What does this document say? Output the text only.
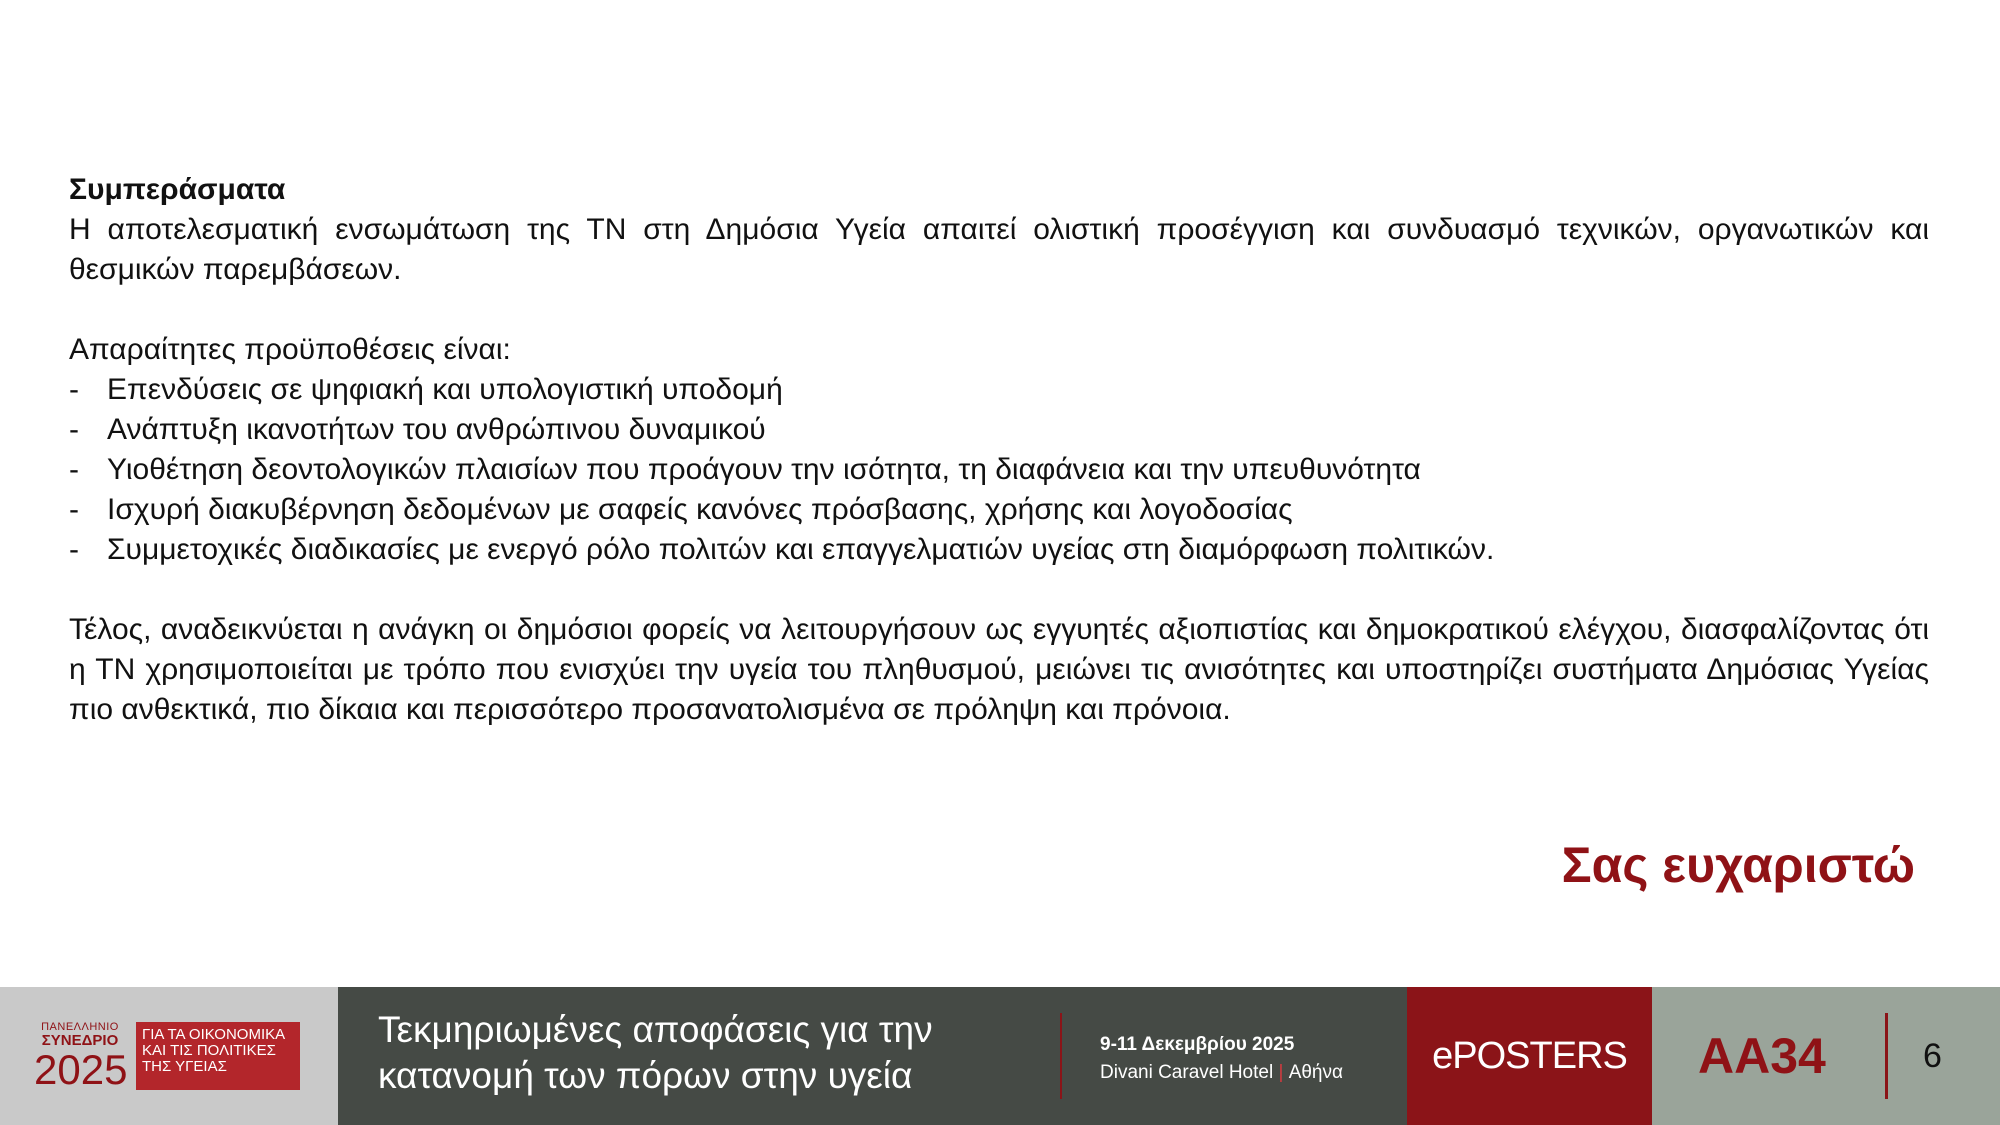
Συμπεράσματα
Η αποτελεσματική ενσωμάτωση της ΤΝ στη Δημόσια Υγεία απαιτεί ολιστική προσέγγιση και συνδυασμό τεχνικών, οργανωτικών και θεσμικών παρεμβάσεων.
Απαραίτητες προϋποθέσεις είναι:
- Επενδύσεις σε ψηφιακή και υπολογιστική υποδομή
- Ανάπτυξη ικανοτήτων του ανθρώπινου δυναμικού
- Υιοθέτηση δεοντολογικών πλαισίων που προάγουν την ισότητα, τη διαφάνεια και την υπευθυνότητα
- Ισχυρή διακυβέρνηση δεδομένων με σαφείς κανόνες πρόσβασης, χρήσης και λογοδοσίας
- Συμμετοχικές διαδικασίες με ενεργό ρόλο πολιτών και επαγγελματιών υγείας στη διαμόρφωση πολιτικών.
Τέλος, αναδεικνύεται η ανάγκη οι δημόσιοι φορείς να λειτουργήσουν ως εγγυητές αξιοπιστίας και δημοκρατικού ελέγχου, διασφαλίζοντας ότι η ΤΝ χρησιμοποιείται με τρόπο που ενισχύει την υγεία του πληθυσμού, μειώνει τις ανισότητες και υποστηρίζει συστήματα Δημόσιας Υγείας πιο ανθεκτικά, πιο δίκαια και περισσότερο προσανατολισμένα σε πρόληψη και πρόνοια.
Σας ευχαριστώ
ΠΑΝΕΛΛΗΝΙΟ
ΣΥΝΕΔΡΙΟ
2025
ΓΙΑ ΤΑ ΟΙΚΟΝΟΜΙΚΑ
ΚΑΙ ΤΙΣ ΠΟΛΙΤΙΚΕΣ
ΤΗΣ ΥΓΕΙΑΣ
Τεκμηριωμένες αποφάσεις για την
κατανομή των πόρων στην υγεία
9-11 Δεκεμβρίου 2025
Divani Caravel Hotel | Αθήνα	ePOSTERS	ΑΑ34	6
